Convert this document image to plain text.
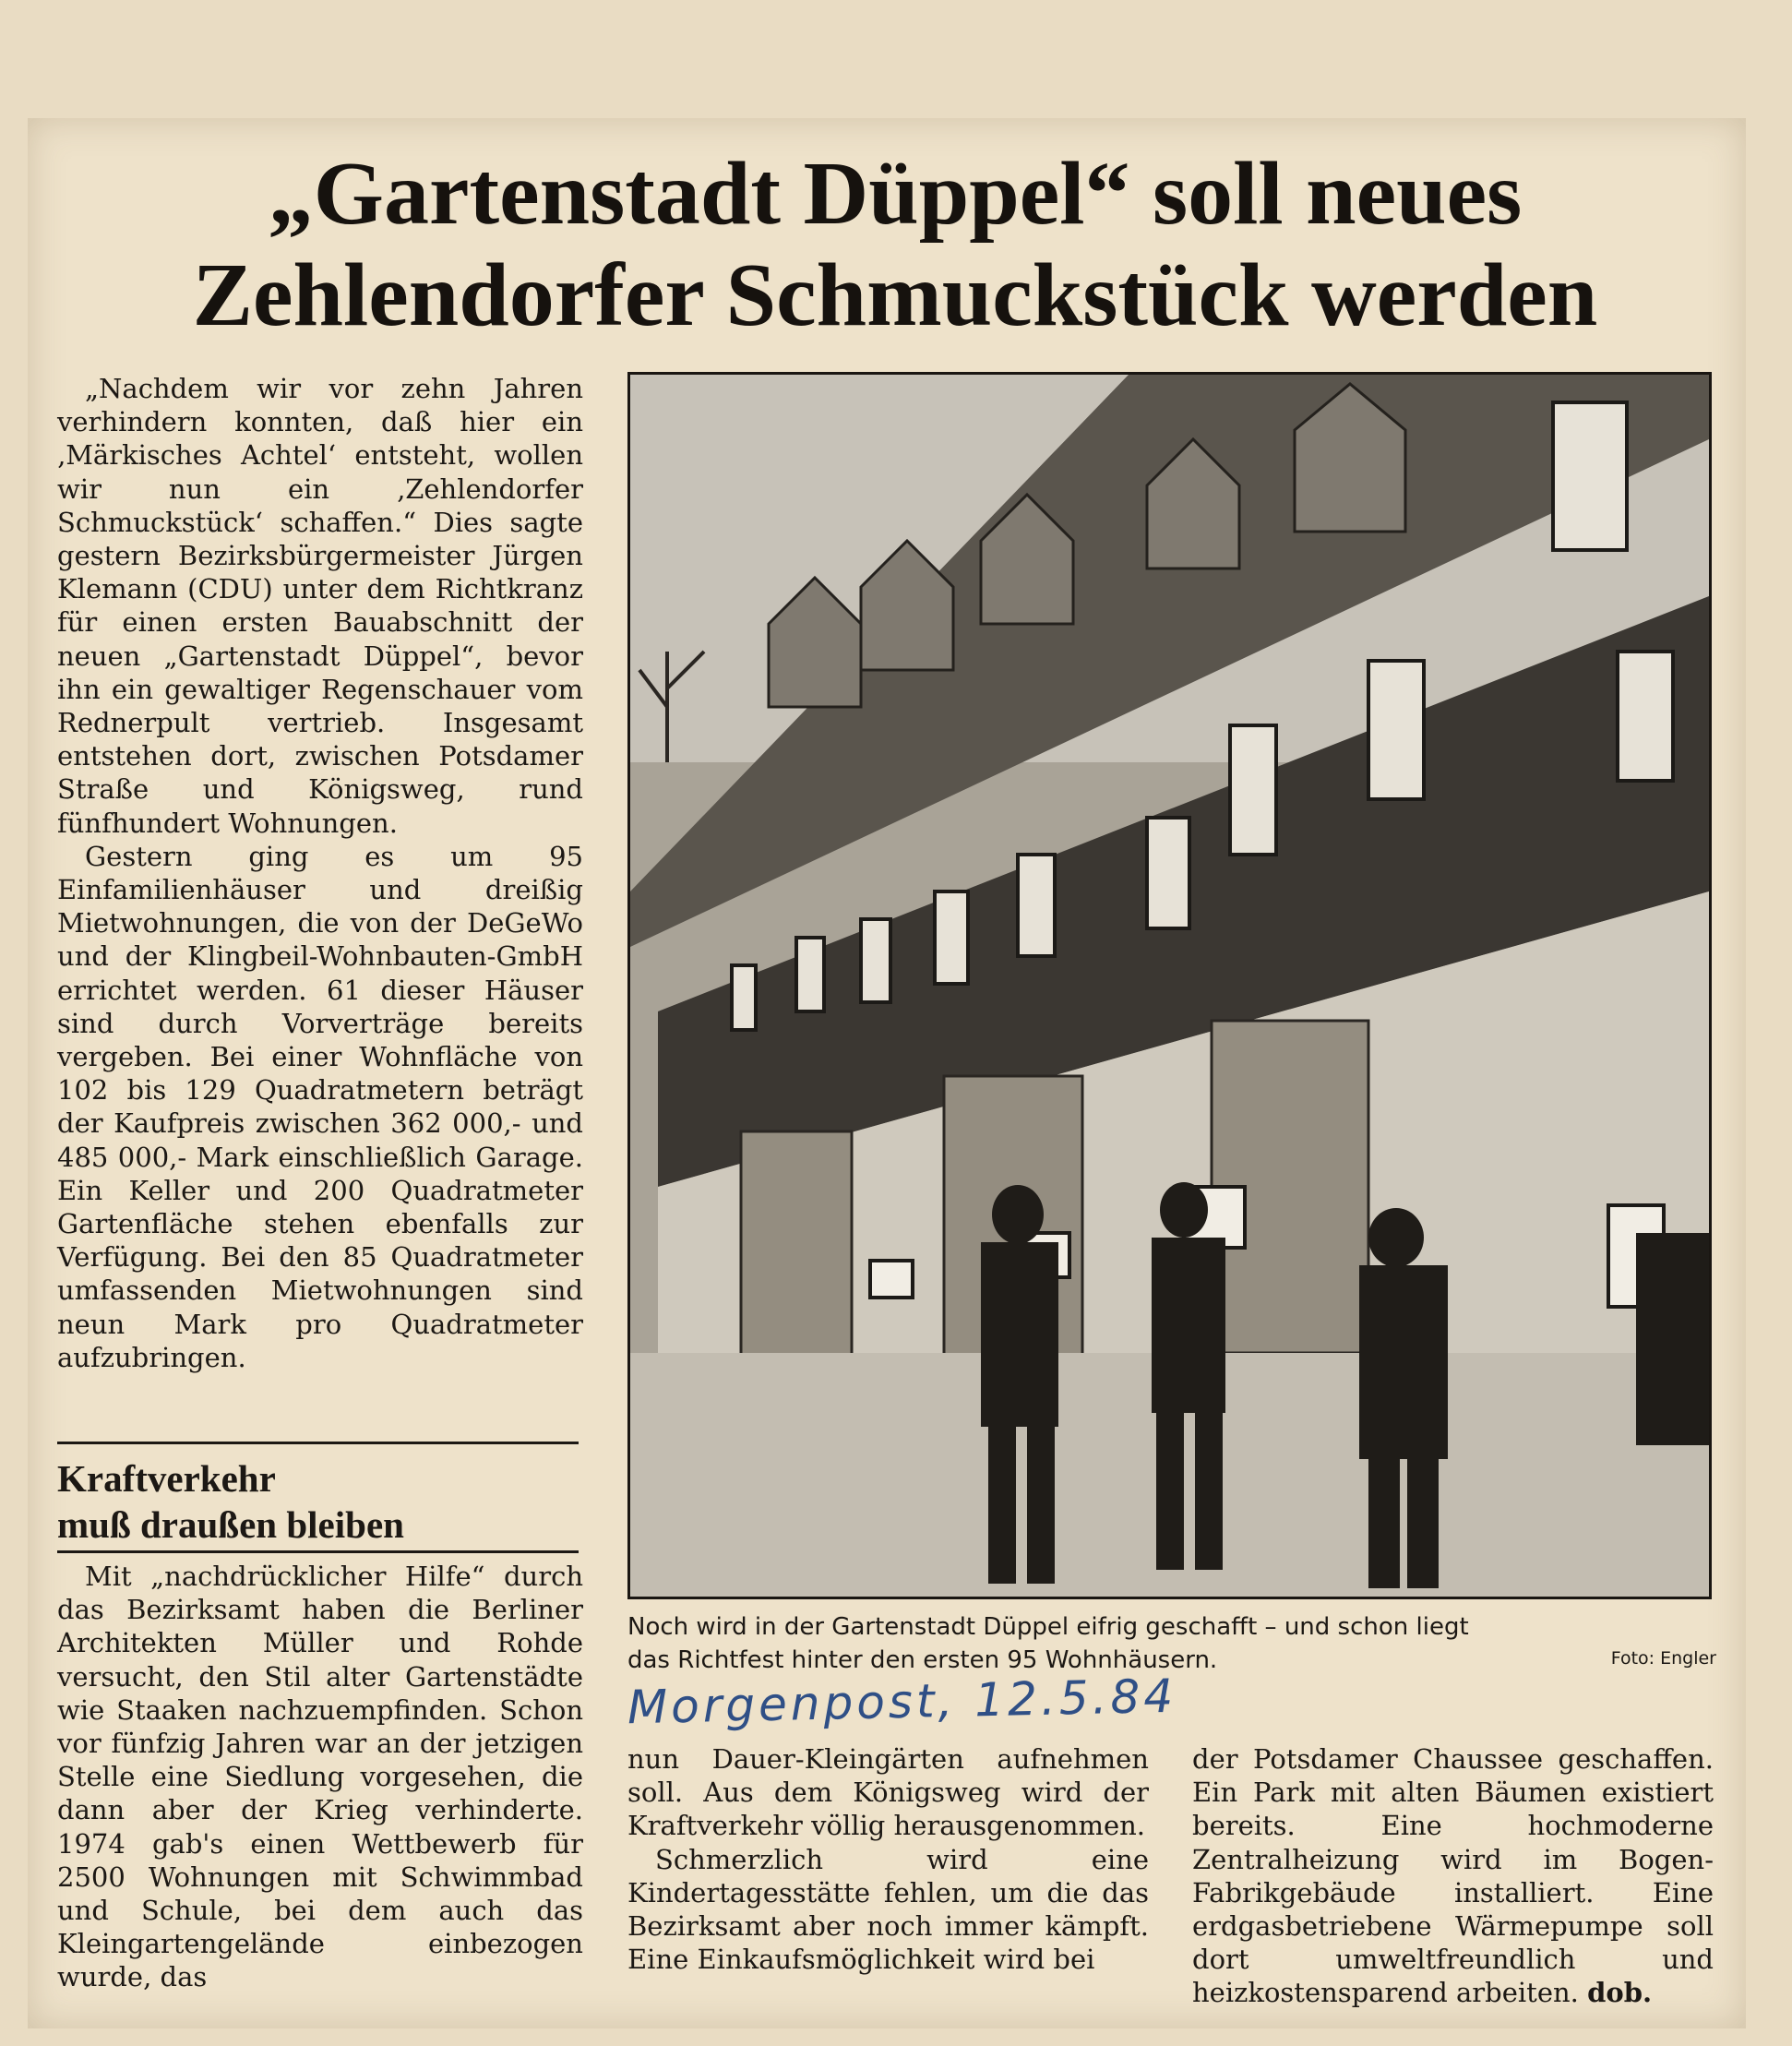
„Gartenstadt Düppel“ soll neues
Zehlendorfer Schmuckstück werden

„Nachdem wir vor zehn Jahren verhindern konnten, daß hier ein ‚Märkisches Achtel‘ entsteht, wollen wir nun ein ‚Zehlendorfer Schmuckstück‘ schaffen.“ Dies sagte gestern Bezirksbürgermeister Jürgen Klemann (CDU) unter dem Richtkranz für einen ersten Bauabschnitt der neuen „Gartenstadt Düppel“, bevor ihn ein gewaltiger Regenschauer vom Rednerpult vertrieb. Insgesamt entstehen dort, zwischen Potsdamer Straße und Königsweg, rund fünfhundert Wohnungen.

Gestern ging es um 95 Einfamilienhäuser und dreißig Mietwohnungen, die von der DeGeWo und der Klingbeil-Wohnbauten-GmbH errichtet werden. 61 dieser Häuser sind durch Vorverträge bereits vergeben. Bei einer Wohnfläche von 102 bis 129 Quadratmetern beträgt der Kaufpreis zwischen 362 000,- und 485 000,- Mark einschließlich Garage. Ein Keller und 200 Quadratmeter Gartenfläche stehen ebenfalls zur Verfügung. Bei den 85 Quadratmeter umfassenden Mietwohnungen sind neun Mark pro Quadratmeter aufzubringen.

Kraftverkehr
muß draußen bleiben

Mit „nachdrücklicher Hilfe“ durch das Bezirksamt haben die Berliner Architekten Müller und Rohde versucht, den Stil alter Gartenstädte wie Staaken nachzuempfinden. Schon vor fünfzig Jahren war an der jetzigen Stelle eine Siedlung vorgesehen, die dann aber der Krieg verhinderte. 1974 gab's einen Wettbewerb für 2500 Wohnungen mit Schwimmbad und Schule, bei dem auch das Kleingartengelände einbezogen wurde, das

Noch wird in der Gartenstadt Düppel eifrig geschafft – und schon liegt
das Richtfest hinter den ersten 95 Wohnhäusern.	Foto: Engler
Morgenpost, 12.5.84

nun Dauer-Kleingärten aufnehmen soll. Aus dem Königsweg wird der Kraftverkehr völlig herausgenommen.

Schmerzlich wird eine Kindertagesstätte fehlen, um die das Bezirksamt aber noch immer kämpft. Eine Einkaufsmöglichkeit wird bei

der Potsdamer Chaussee geschaffen. Ein Park mit alten Bäumen existiert bereits. Eine hochmoderne Zentralheizung wird im Bogen-Fabrikgebäude installiert. Eine erdgasbetriebene Wärmepumpe soll dort umweltfreundlich und heizkostensparend arbeiten. dob.
